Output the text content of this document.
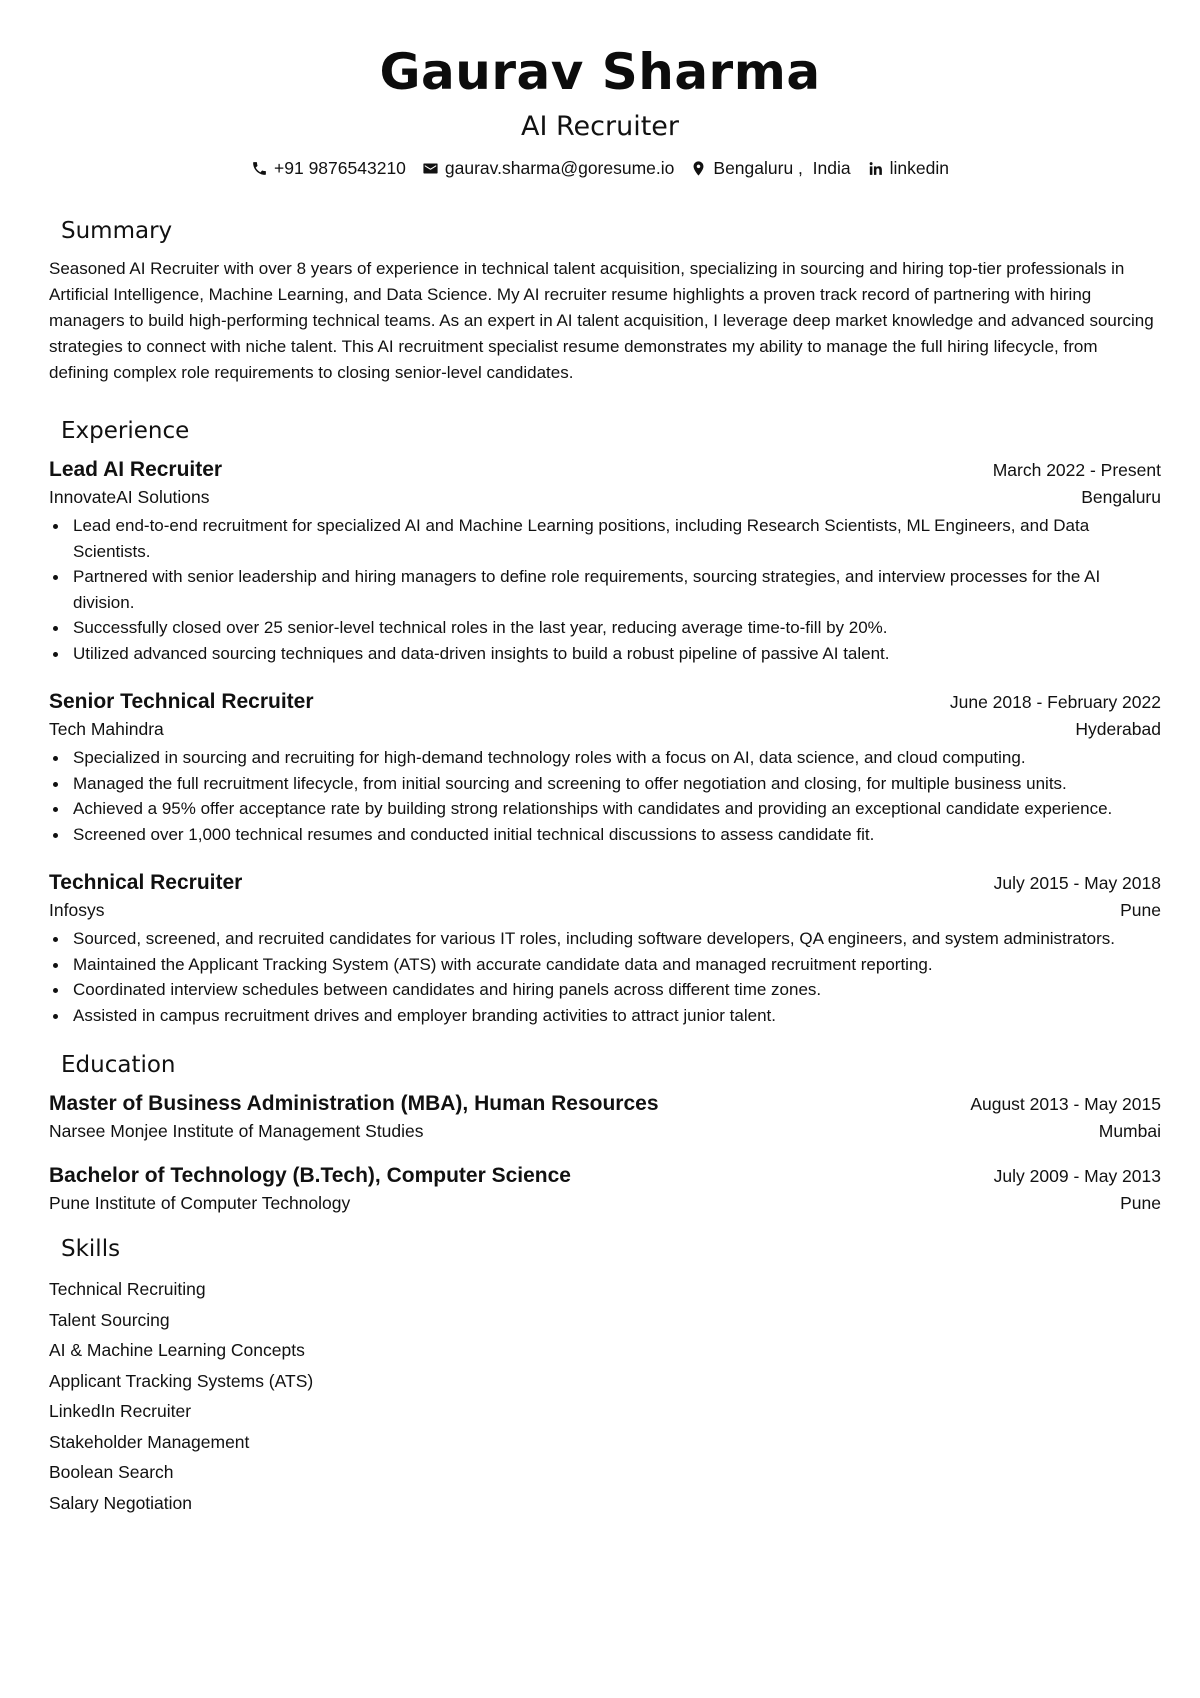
Gaurav Sharma
AI Recruiter
+91 9876543210 gaurav.sharma@goresume.io Bengaluru ,  India linkedin
Summary

Seasoned AI Recruiter with over 8 years of experience in technical talent acquisition, specializing in sourcing and hiring top-tier professionals in Artificial Intelligence, Machine Learning, and Data Science. My AI recruiter resume highlights a proven track record of partnering with hiring managers to build high-performing technical teams. As an expert in AI talent acquisition, I leverage deep market knowledge and advanced sourcing strategies to connect with niche talent. This AI recruitment specialist resume demonstrates my ability to manage the full hiring lifecycle, from defining complex role requirements to closing senior-level candidates.

Experience
Lead AI Recruiter	March 2022 - Present
InnovateAI Solutions	Bengaluru
Lead end-to-end recruitment for specialized AI and Machine Learning positions, including Research Scientists, ML Engineers, and Data Scientists.
Partnered with senior leadership and hiring managers to define role requirements, sourcing strategies, and interview processes for the AI division.
Successfully closed over 25 senior-level technical roles in the last year, reducing average time-to-fill by 20%.
Utilized advanced sourcing techniques and data-driven insights to build a robust pipeline of passive AI talent.
Senior Technical Recruiter	June 2018 - February 2022
Tech Mahindra	Hyderabad
Specialized in sourcing and recruiting for high-demand technology roles with a focus on AI, data science, and cloud computing.
Managed the full recruitment lifecycle, from initial sourcing and screening to offer negotiation and closing, for multiple business units.
Achieved a 95% offer acceptance rate by building strong relationships with candidates and providing an exceptional candidate experience.
Screened over 1,000 technical resumes and conducted initial technical discussions to assess candidate fit.
Technical Recruiter	July 2015 - May 2018
Infosys	Pune
Sourced, screened, and recruited candidates for various IT roles, including software developers, QA engineers, and system administrators.
Maintained the Applicant Tracking System (ATS) with accurate candidate data and managed recruitment reporting.
Coordinated interview schedules between candidates and hiring panels across different time zones.
Assisted in campus recruitment drives and employer branding activities to attract junior talent.
Education
Master of Business Administration (MBA), Human Resources	August 2013 - May 2015
Narsee Monjee Institute of Management Studies	Mumbai
Bachelor of Technology (B.Tech), Computer Science	July 2009 - May 2013
Pune Institute of Computer Technology	Pune
Skills
Technical Recruiting
Talent Sourcing
AI & Machine Learning Concepts
Applicant Tracking Systems (ATS)
LinkedIn Recruiter
Stakeholder Management
Boolean Search
Salary Negotiation
